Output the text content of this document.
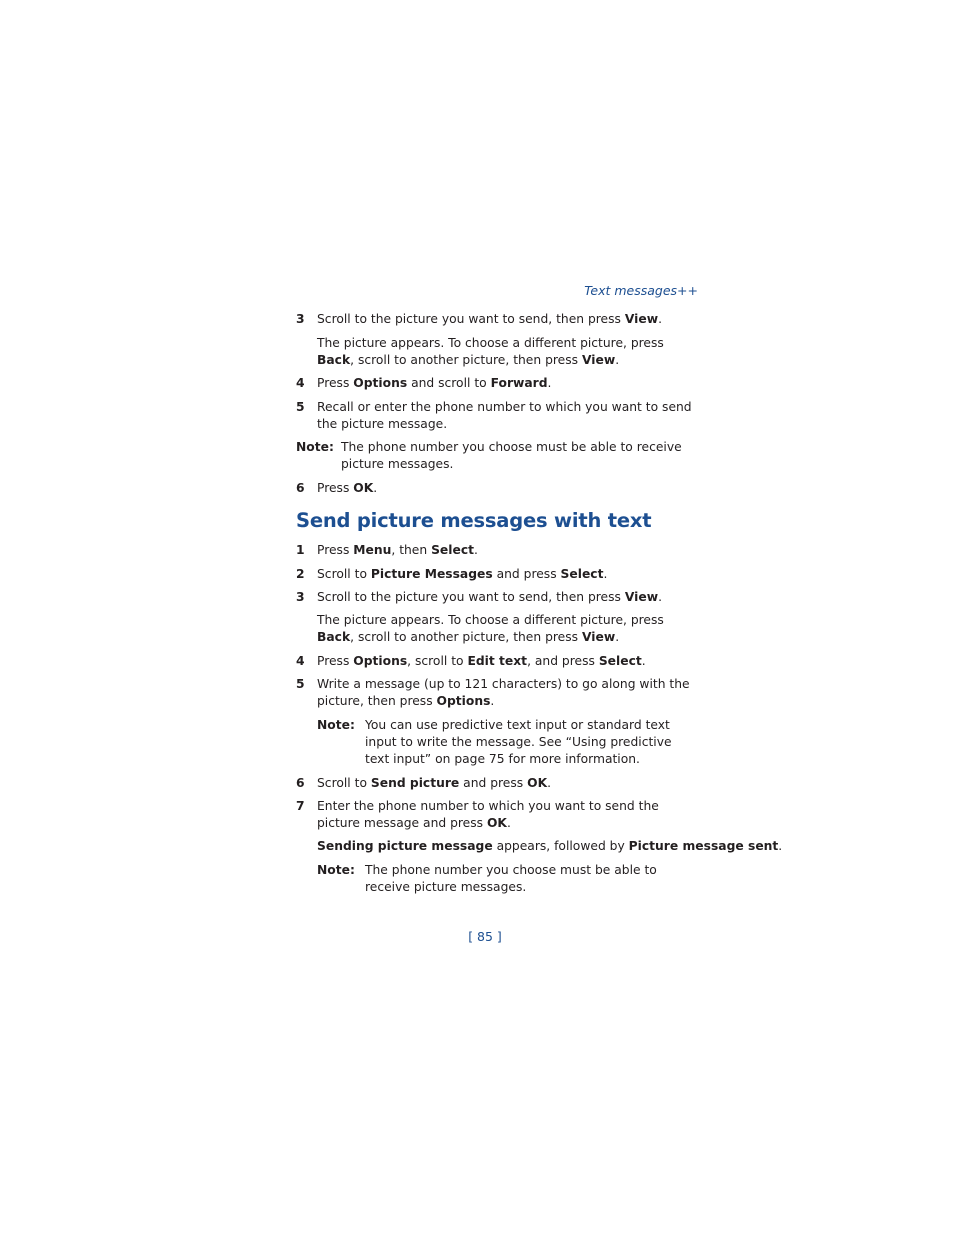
Text messages++
3	Scroll to the picture you want to send, then press View.
The picture appears. To choose a different picture, press Back, scroll to another picture, then press View.
4	Press Options and scroll to Forward.
5	Recall or enter the phone number to which you want to send the picture message.
Note: The phone number you choose must be able to receive picture messages.
6	Press OK.
Send picture messages with text
1	Press Menu, then Select.
2	Scroll to Picture Messages and press Select.
3	Scroll to the picture you want to send, then press View.
The picture appears. To choose a different picture, press Back, scroll to another picture, then press View.
4	Press Options, scroll to Edit text, and press Select.
5	Write a message (up to 121 characters) to go along with the picture, then press Options.
Note: You can use predictive text input or standard text input to write the message. See “Using predictive text input” on page 75 for more information.
6	Scroll to Send picture and press OK.
7	Enter the phone number to which you want to send the picture message and press OK.
Sending picture message appears, followed by Picture message sent.
Note: The phone number you choose must be able to receive picture messages.
[ 85 ]
